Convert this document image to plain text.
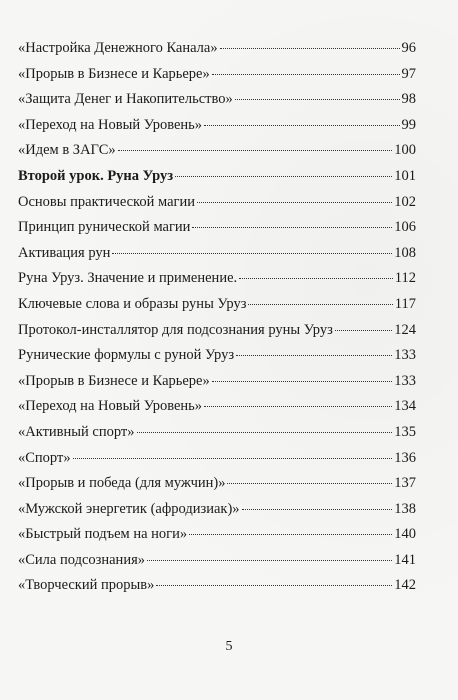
«Настройка Денежного Канала»	96
«Прорыв в Бизнесе и Карьере»	97
«Защита Денег и Накопительство»	98
«Переход на Новый Уровень»	99
«Идем в ЗАГС»	100
Второй урок. Руна Уруз	101
Основы практической магии	102
Принцип рунической магии	106
Активация рун	108
Руна Уруз. Значение и применение.	112
Ключевые слова и образы руны Уруз	117
Протокол-инсталлятор для подсознания руны Уруз	124
Рунические формулы с руной Уруз	133
«Прорыв в Бизнесе и Карьере»	133
«Переход на Новый Уровень»	134
«Активный спорт»	135
«Спорт»	136
«Прорыв и победа (для мужчин)»	137
«Мужской энергетик (афродизиак)»	138
«Быстрый подъем на ноги»	140
«Сила подсознания»	141
«Творческий прорыв»	142
5
